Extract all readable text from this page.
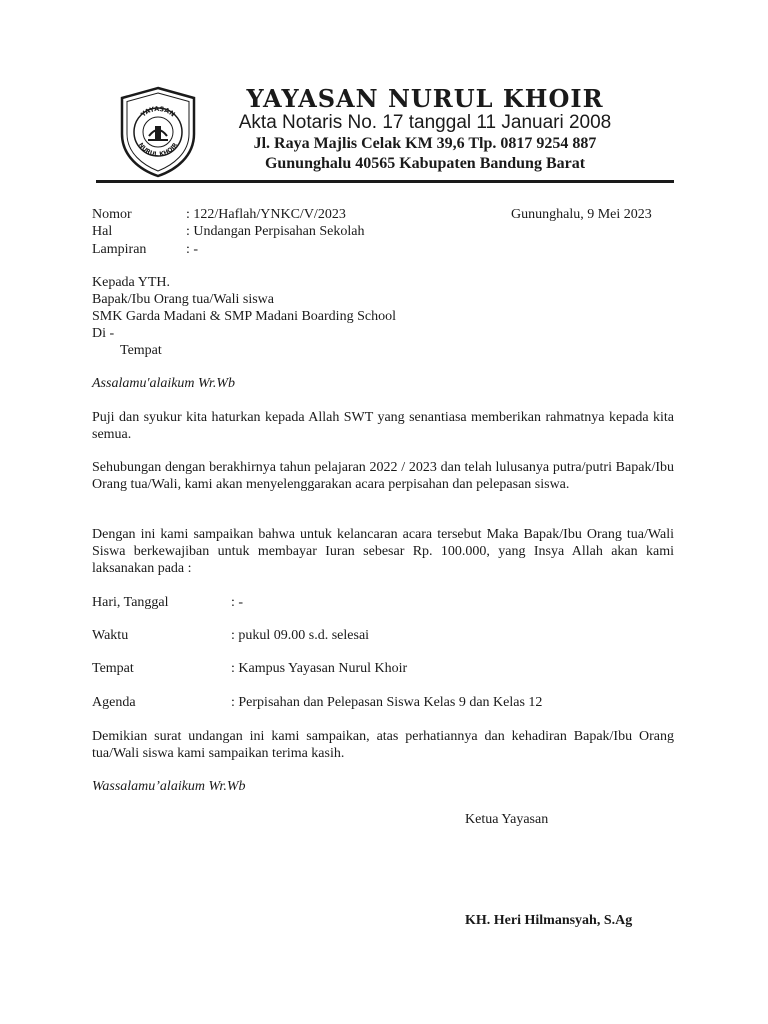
YAYASAN
NURUL KHOIR
YAYASAN NURUL KHOIR
Akta Notaris No. 17 tanggal 11 Januari 2008
Jl. Raya Majlis Celak KM 39,6 Tlp. 0817 9254 887
Gununghalu 40565 Kabupaten Bandung Barat
Nomor	: 122/Haflah/YNKC/V/2023	Gununghalu, 9 Mei 2023
Hal	: Undangan Perpisahan Sekolah
Lampiran	: -
Kepada YTH.
Bapak/Ibu Orang tua/Wali siswa
SMK Garda Madani & SMP Madani Boarding School
Di -
Tempat
Assalamu'alaikum Wr.Wb
Puji dan syukur kita haturkan kepada Allah SWT yang senantiasa memberikan rahmatnya kepada kita semua.
Sehubungan dengan berakhirnya tahun pelajaran 2022 / 2023 dan telah lulusanya putra/putri Bapak/Ibu Orang tua/Wali, kami akan menyelenggarakan acara perpisahan dan pelepasan siswa.
Dengan ini kami sampaikan bahwa untuk kelancaran acara tersebut Maka Bapak/Ibu Orang tua/Wali Siswa berkewajiban untuk membayar Iuran sebesar Rp. 100.000, yang Insya Allah akan kami laksanakan pada :
Hari, Tanggal	: -
Waktu	: pukul 09.00 s.d. selesai
Tempat	: Kampus Yayasan Nurul Khoir
Agenda	: Perpisahan dan Pelepasan Siswa Kelas 9 dan Kelas 12
Demikian surat undangan ini kami sampaikan, atas perhatiannya dan kehadiran Bapak/Ibu Orang tua/Wali siswa kami sampaikan terima kasih.
Wassalamu’alaikum Wr.Wb
Ketua Yayasan
KH. Heri Hilmansyah, S.Ag
